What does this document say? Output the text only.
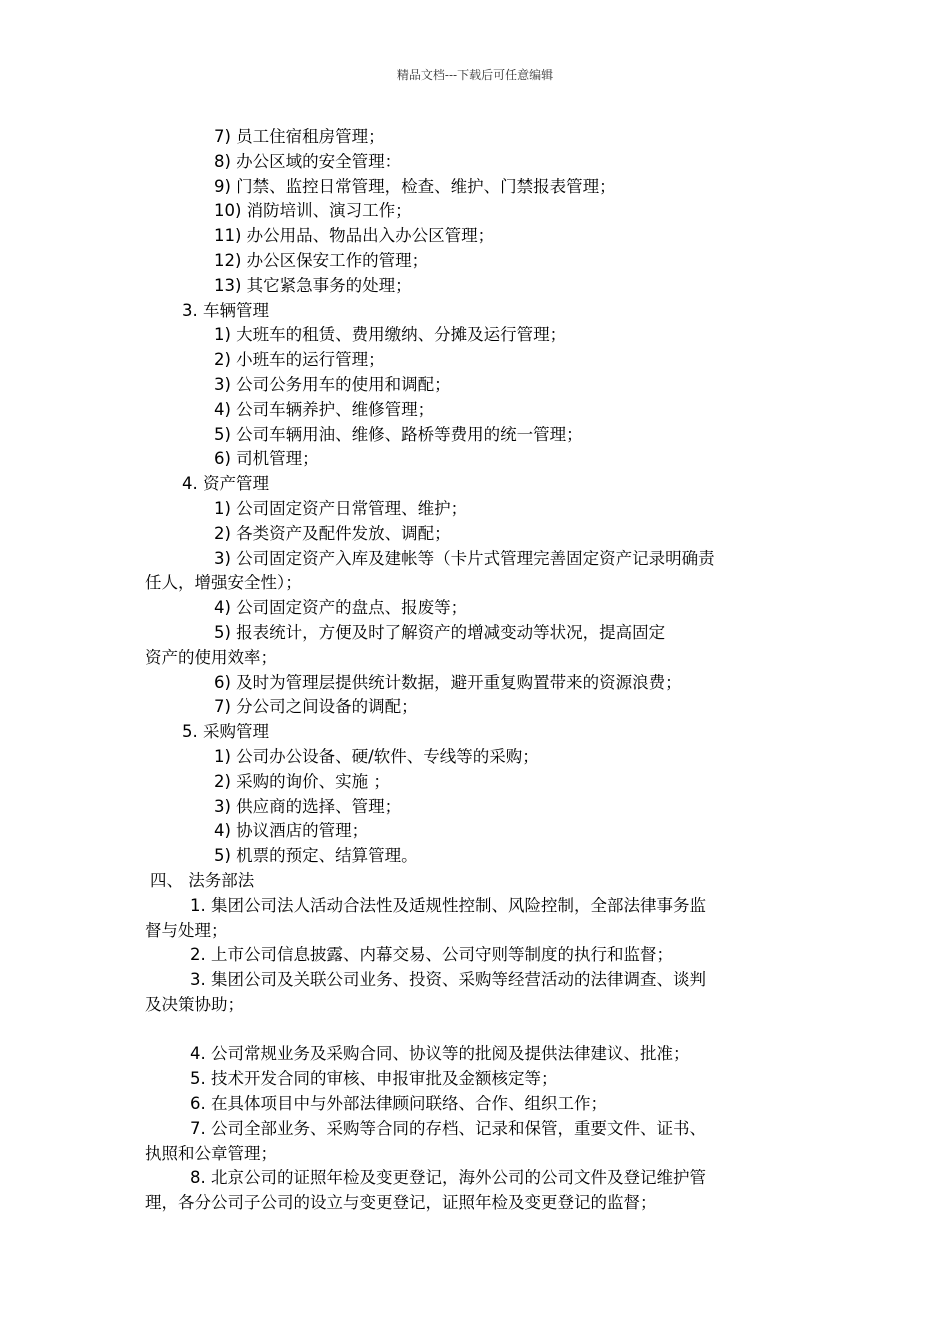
精品文档---下载后可任意编辑
7) 员工住宿租房管理；
8) 办公区域的安全管理：
9) 门禁、监控日常管理，检查、维护、门禁报表管理；
10) 消防培训、演习工作；
11) 办公用品、物品出入办公区管理；
12) 办公区保安工作的管理；
13) 其它紧急事务的处理；
3. 车辆管理
1) 大班车的租赁、费用缴纳、分摊及运行管理；
2) 小班车的运行管理；
3) 公司公务用车的使用和调配；
4) 公司车辆养护、维修管理；
5) 公司车辆用油、维修、路桥等费用的统一管理；
6) 司机管理；
4. 资产管理
1) 公司固定资产日常管理、维护；
2) 各类资产及配件发放、调配；
3) 公司固定资产入库及建帐等（卡片式管理完善固定资产记录明确责
任人，增强安全性）；
4) 公司固定资产的盘点、报废等；
5) 报表统计，方便及时了解资产的增减变动等状况，提高固定
资产的使用效率；
6) 及时为管理层提供统计数据，避开重复购置带来的资源浪费；
7) 分公司之间设备的调配；
5. 采购管理
1) 公司办公设备、硬/软件、专线等的采购；
2) 采购的询价、实施 ；
3) 供应商的选择、管理；
4) 协议酒店的管理；
5) 机票的预定、结算管理。
四、 法务部法
1. 集团公司法人活动合法性及适规性控制、风险控制，全部法律事务监
督与处理；
2. 上市公司信息披露、内幕交易、公司守则等制度的执行和监督；
3. 集团公司及关联公司业务、投资、采购等经营活动的法律调查、谈判
及决策协助；
4. 公司常规业务及采购合同、协议等的批阅及提供法律建议、批准；
5. 技术开发合同的审核、申报审批及金额核定等；
6. 在具体项目中与外部法律顾问联络、合作、组织工作；
7. 公司全部业务、采购等合同的存档、记录和保管，重要文件、证书、
执照和公章管理；
8. 北京公司的证照年检及变更登记，海外公司的公司文件及登记维护管
理，各分公司子公司的设立与变更登记，证照年检及变更登记的监督；
